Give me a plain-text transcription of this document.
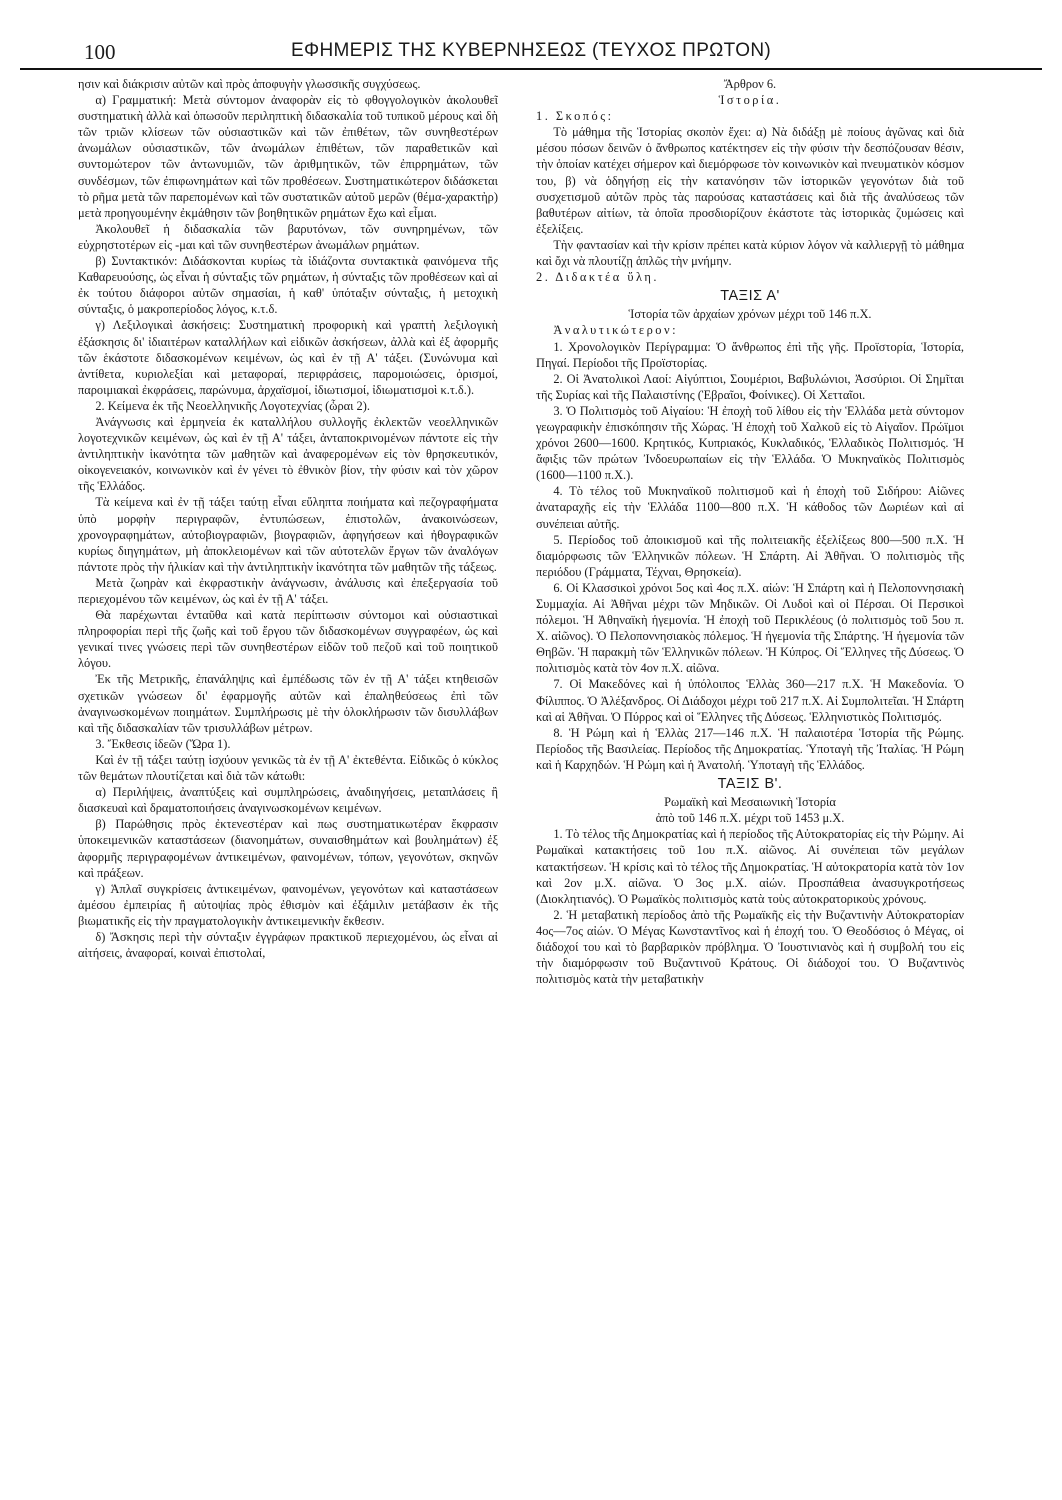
100	ΕΦΗΜΕΡΙΣ ΤΗΣ ΚΥΒΕΡΝΗΣΕΩΣ (ΤΕΥΧΟΣ ΠΡΩΤΟΝ)

ησιν καὶ διάκρισιν αὐτῶν καὶ πρὸς ἀποφυγὴν γλωσσικῆς συγχύσεως.

α) Γραμματική: Μετὰ σύντομον ἀναφορὰν εἰς τὸ φθογγολογικὸν ἀκολουθεῖ συστηματικὴ ἀλλὰ καὶ ὁπωσοῦν περιληπτικὴ διδασκαλία τοῦ τυπικοῦ μέρους καὶ δὴ τῶν τριῶν κλίσεων τῶν οὐσιαστικῶν καὶ τῶν ἐπιθέτων, τῶν συνηθεστέρων ἀνωμάλων οὐσιαστικῶν, τῶν ἀνωμάλων ἐπιθέτων, τῶν παραθετικῶν καὶ συντομώτερον τῶν ἀντωνυμιῶν, τῶν ἀριθμητικῶν, τῶν ἐπιρρημάτων, τῶν συνδέσμων, τῶν ἐπιφωνημάτων καὶ τῶν προθέσεων. Συστηματικώτερον διδάσκεται τὸ ρῆμα μετὰ τῶν παρεπομένων καὶ τῶν συστατικῶν αὐτοῦ μερῶν (θέμα-χαρακτὴρ) μετὰ προηγουμένην ἐκμάθησιν τῶν βοηθητικῶν ρημάτων ἔχω καὶ εἶμαι.

Ἀκολουθεῖ ἡ διδασκαλία τῶν βαρυτόνων, τῶν συνηρημένων, τῶν εὐχρηστοτέρων εἰς -μαι καὶ τῶν συνηθεστέρων ἀνωμάλων ρημάτων.

β) Συντακτικόν: Διδάσκονται κυρίως τὰ ἰδιάζοντα συντακτικὰ φαινόμενα τῆς Καθαρευούσης, ὡς εἶναι ἡ σύνταξις τῶν ρημάτων, ἡ σύνταξις τῶν προθέσεων καὶ αἱ ἐκ τούτου διάφοροι αὐτῶν σημασίαι, ἡ καθ' ὑπόταξιν σύνταξις, ἡ μετοχικὴ σύνταξις, ὁ μακροπερίοδος λόγος, κ.τ.δ.

γ) Λεξιλογικαὶ ἀσκήσεις: Συστηματικὴ προφορικὴ καὶ γραπτὴ λεξιλογικὴ ἐξάσκησις δι' ἰδιαιτέρων καταλλήλων καὶ εἰδικῶν ἀσκήσεων, ἀλλὰ καὶ ἐξ ἀφορμῆς τῶν ἑκάστοτε διδασκομένων κειμένων, ὡς καὶ ἐν τῇ Α' τάξει. (Συνώνυμα καὶ ἀντίθετα, κυριολεξίαι καὶ μεταφοραί, περιφράσεις, παρομοιώσεις, ὁρισμοί, παροιμιακαὶ ἐκφράσεις, παρώνυμα, ἀρχαϊσμοί, ἰδιωτισμοί, ἰδιωματισμοὶ κ.τ.δ.).

2. Κείμενα ἐκ τῆς Νεοελληνικῆς Λογοτεχνίας (ὧραι 2).

Ἀνάγνωσις καὶ ἑρμηνεία ἐκ καταλλήλου συλλογῆς ἐκλεκτῶν νεοελληνικῶν λογοτεχνικῶν κειμένων, ὡς καὶ ἐν τῇ Α' τάξει, ἀνταποκρινομένων πάντοτε εἰς τὴν ἀντιληπτικὴν ἱκανότητα τῶν μαθητῶν καὶ ἀναφερομένων εἰς τὸν θρησκευτικόν, οἰκογενειακόν, κοινωνικὸν καὶ ἐν γένει τὸ ἐθνικὸν βίον, τὴν φύσιν καὶ τὸν χῶρον τῆς Ἑλλάδος.

Τὰ κείμενα καὶ ἐν τῇ τάξει ταύτῃ εἶναι εὔληπτα ποιήματα καὶ πεζογραφήματα ὑπὸ μορφὴν περιγραφῶν, ἐντυπώσεων, ἐπιστολῶν, ἀνακοινώσεων, χρονογραφημάτων, αὐτοβιογραφιῶν, βιογραφιῶν, ἀφηγήσεων καὶ ἠθογραφικῶν κυρίως διηγημάτων, μὴ ἀποκλειομένων καὶ τῶν αὐτοτελῶν ἔργων τῶν ἀναλόγων πάντοτε πρὸς τὴν ἡλικίαν καὶ τὴν ἀντιληπτικὴν ἱκανότητα τῶν μαθητῶν τῆς τάξεως.

Μετὰ ζωηρὰν καὶ ἐκφραστικὴν ἀνάγνωσιν, ἀνάλυσις καὶ ἐπεξεργασία τοῦ περιεχομένου τῶν κειμένων, ὡς καὶ ἐν τῇ Α' τάξει.

Θὰ παρέχωνται ἐνταῦθα καὶ κατὰ περίπτωσιν σύντομοι καὶ οὐσιαστικαὶ πληροφορίαι περὶ τῆς ζωῆς καὶ τοῦ ἔργου τῶν διδασκομένων συγγραφέων, ὡς καὶ γενικαί τινες γνώσεις περὶ τῶν συνηθεστέρων εἰδῶν τοῦ πεζοῦ καὶ τοῦ ποιητικοῦ λόγου.

Ἐκ τῆς Μετρικῆς, ἐπανάληψις καὶ ἐμπέδωσις τῶν ἐν τῇ Α' τάξει κτηθεισῶν σχετικῶν γνώσεων δι' ἐφαρμογῆς αὐτῶν καὶ ἐπαληθεύσεως ἐπὶ τῶν ἀναγινωσκομένων ποιημάτων. Συμπλήρωσις μὲ τὴν ὁλοκλήρωσιν τῶν δισυλλάβων καὶ τῆς διδασκαλίαν τῶν τρισυλλάβων μέτρων.

3. Ἔκθεσις ἰδεῶν (Ὥρα 1).

Καὶ ἐν τῇ τάξει ταύτῃ ἰσχύουν γενικῶς τὰ ἐν τῇ Α' ἐκτεθέντα. Εἰδικῶς ὁ κύκλος τῶν θεμάτων πλουτίζεται καὶ διὰ τῶν κάτωθι:

α) Περιλήψεις, ἀναπτύξεις καὶ συμπληρώσεις, ἀναδιηγήσεις, μεταπλάσεις ἢ διασκευαὶ καὶ δραματοποιήσεις ἀναγινωσκομένων κειμένων.

β) Παρώθησις πρὸς ἐκτενεστέραν καὶ πως συστηματικωτέραν ἔκφρασιν ὑποκειμενικῶν καταστάσεων (διανοημάτων, συναισθημάτων καὶ βουλημάτων) ἐξ ἀφορμῆς περιγραφομένων ἀντικειμένων, φαινομένων, τόπων, γεγονότων, σκηνῶν καὶ πράξεων.

γ) Ἁπλαῖ συγκρίσεις ἀντικειμένων, φαινομένων, γεγονότων καὶ καταστάσεων ἀμέσου ἐμπειρίας ἢ αὐτοψίας πρὸς ἐθισμὸν καὶ ἐξάμιλιν μετάβασιν ἐκ τῆς βιωματικῆς εἰς τὴν πραγματολογικὴν ἀντικειμενικὴν ἔκθεσιν.

δ) Ἄσκησις περὶ τὴν σύνταξιν ἐγγράφων πρακτικοῦ περιεχομένου, ὡς εἶναι αἱ αἰτήσεις, ἀναφοραί, κοιναὶ ἐπιστολαί,

Ἄρθρον 6.

Ἱστορία.

1. Σκοπός:

Τὸ μάθημα τῆς Ἱστορίας σκοπὸν ἔχει: α) Νὰ διδάξῃ μὲ ποίους ἀγῶνας καὶ διὰ μέσου πόσων δεινῶν ὁ ἄνθρωπος κατέκτησεν εἰς τὴν φύσιν τὴν δεσπόζουσαν θέσιν, τὴν ὁποίαν κατέχει σήμερον καὶ διεμόρφωσε τὸν κοινωνικὸν καὶ πνευματικὸν κόσμον του, β) νὰ ὁδηγήσῃ εἰς τὴν κατανόησιν τῶν ἱστορικῶν γεγονότων διὰ τοῦ συσχετισμοῦ αὐτῶν πρὸς τὰς παρούσας καταστάσεις καὶ διὰ τῆς ἀναλύσεως τῶν βαθυτέρων αἰτίων, τὰ ὁποῖα προσδιορίζουν ἑκάστοτε τὰς ἱστορικὰς ζυμώσεις καὶ ἐξελίξεις.

Τὴν φαντασίαν καὶ τὴν κρίσιν πρέπει κατὰ κύριον λόγον νὰ καλλιεργῇ τὸ μάθημα καὶ ὄχι νὰ πλουτίζῃ ἁπλῶς τὴν μνήμην.

2. Διδακτέα ὕλη.

ΤΑΞΙΣ Α'

Ἱστορία τῶν ἀρχαίων χρόνων μέχρι τοῦ 146 π.Χ.

Ἀναλυτικώτερον:

1. Χρονολογικὸν Περίγραμμα: Ὁ ἄνθρωπος ἐπὶ τῆς γῆς. Προϊστορία, Ἱστορία, Πηγαί. Περίοδοι τῆς Προϊστορίας.

2. Οἱ Ἀνατολικοὶ Λαοί: Αἰγύπτιοι, Σουμέριοι, Βαβυλώνιοι, Ἀσσύριοι. Οἱ Σημῖται τῆς Συρίας καὶ τῆς Παλαιστίνης (Ἑβραῖοι, Φοίνικες). Οἱ Χετταῖοι.

3. Ὁ Πολιτισμὸς τοῦ Αἰγαίου: Ἡ ἐποχὴ τοῦ λίθου εἰς τὴν Ἑλλάδα μετὰ σύντομον γεωγραφικὴν ἐπισκόπησιν τῆς Χώρας. Ἡ ἐποχὴ τοῦ Χαλκοῦ εἰς τὸ Αἰγαῖον. Πρώϊμοι χρόνοι 2600—1600. Κρητικός, Κυπριακός, Κυκλαδικός, Ἑλλαδικὸς Πολιτισμός. Ἡ ἄφιξις τῶν πρώτων Ἰνδοευρωπαίων εἰς τὴν Ἑλλάδα. Ὁ Μυκηναϊκὸς Πολιτισμὸς (1600—1100 π.Χ.).

4. Τὸ τέλος τοῦ Μυκηναϊκοῦ πολιτισμοῦ καὶ ἡ ἐποχὴ τοῦ Σιδήρου: Αἰῶνες ἀναταραχῆς εἰς τὴν Ἑλλάδα 1100—800 π.Χ. Ἡ κάθοδος τῶν Δωριέων καὶ αἱ συνέπειαι αὐτῆς.

5. Περίοδος τοῦ ἀποικισμοῦ καὶ τῆς πολιτειακῆς ἐξελίξεως 800—500 π.Χ. Ἡ διαμόρφωσις τῶν Ἑλληνικῶν πόλεων. Ἡ Σπάρτη. Αἱ Ἀθῆναι. Ὁ πολιτισμὸς τῆς περιόδου (Γράμματα, Τέχναι, Θρησκεία).

6. Οἱ Κλασσικοὶ χρόνοι 5ος καὶ 4ος π.Χ. αἰών: Ἡ Σπάρτη καὶ ἡ Πελοποννησιακὴ Συμμαχία. Αἱ Ἀθῆναι μέχρι τῶν Μηδικῶν. Οἱ Λυδοὶ καὶ οἱ Πέρσαι. Οἱ Περσικοὶ πόλεμοι. Ἡ Ἀθηναϊκὴ ἡγεμονία. Ἡ ἐποχὴ τοῦ Περικλέους (ὁ πολιτισμὸς τοῦ 5ου π. Χ. αἰῶνος). Ὁ Πελοποννησιακὸς πόλεμος. Ἡ ἡγεμονία τῆς Σπάρτης. Ἡ ἡγεμονία τῶν Θηβῶν. Ἡ παρακμὴ τῶν Ἑλληνικῶν πόλεων. Ἡ Κύπρος. Οἱ Ἕλληνες τῆς Δύσεως. Ὁ πολιτισμὸς κατὰ τὸν 4ον π.Χ. αἰῶνα.

7. Οἱ Μακεδόνες καὶ ἡ ὑπόλοιπος Ἑλλὰς 360—217 π.Χ. Ἡ Μακεδονία. Ὁ Φίλιππος. Ὁ Ἀλέξανδρος. Οἱ Διάδοχοι μέχρι τοῦ 217 π.Χ. Αἱ Συμπολιτεῖαι. Ἡ Σπάρτη καὶ αἱ Ἀθῆναι. Ὁ Πύρρος καὶ οἱ Ἕλληνες τῆς Δύσεως. Ἑλληνιστικὸς Πολιτισμός.

8. Ἡ Ρώμη καὶ ἡ Ἑλλὰς 217—146 π.Χ. Ἡ παλαιοτέρα Ἱστορία τῆς Ρώμης. Περίοδος τῆς Βασιλείας. Περίοδος τῆς Δημοκρατίας. Ὑποταγὴ τῆς Ἰταλίας. Ἡ Ρώμη καὶ ἡ Καρχηδών. Ἡ Ρώμη καὶ ἡ Ἀνατολή. Ὑποταγὴ τῆς Ἑλλάδος.

ΤΑΞΙΣ Β'.

Ρωμαϊκὴ καὶ Μεσαιωνικὴ Ἱστορία

ἀπὸ τοῦ 146 π.Χ. μέχρι τοῦ 1453 μ.Χ.

1. Τὸ τέλος τῆς Δημοκρατίας καὶ ἡ περίοδος τῆς Αὐτοκρατορίας εἰς τὴν Ρώμην. Αἱ Ρωμαϊκαὶ κατακτήσεις τοῦ 1ου π.Χ. αἰῶνος. Αἱ συνέπειαι τῶν μεγάλων κατακτήσεων. Ἡ κρίσις καὶ τὸ τέλος τῆς Δημοκρατίας. Ἡ αὐτοκρατορία κατὰ τὸν 1ον καὶ 2ον μ.Χ. αἰῶνα. Ὁ 3ος μ.Χ. αἰών. Προσπάθεια ἀνασυγκροτήσεως (Διοκλητιανός). Ὁ Ρωμαϊκὸς πολιτισμὸς κατὰ τοὺς αὐτοκρατορικοὺς χρόνους.

2. Ἡ μεταβατικὴ περίοδος ἀπὸ τῆς Ρωμαϊκῆς εἰς τὴν Βυζαντινὴν Αὐτοκρατορίαν 4ος—7ος αἰών. Ὁ Μέγας Κωνσταντῖνος καὶ ἡ ἐποχή του. Ὁ Θεοδόσιος ὁ Μέγας, οἱ διάδοχοί του καὶ τὸ βαρβαρικὸν πρόβλημα. Ὁ Ἰουστινιανὸς καὶ ἡ συμβολή του εἰς τὴν διαμόρφωσιν τοῦ Βυζαντινοῦ Κράτους. Οἱ διάδοχοί του. Ὁ Βυζαντινὸς πολιτισμὸς κατὰ τὴν μεταβατικὴν
